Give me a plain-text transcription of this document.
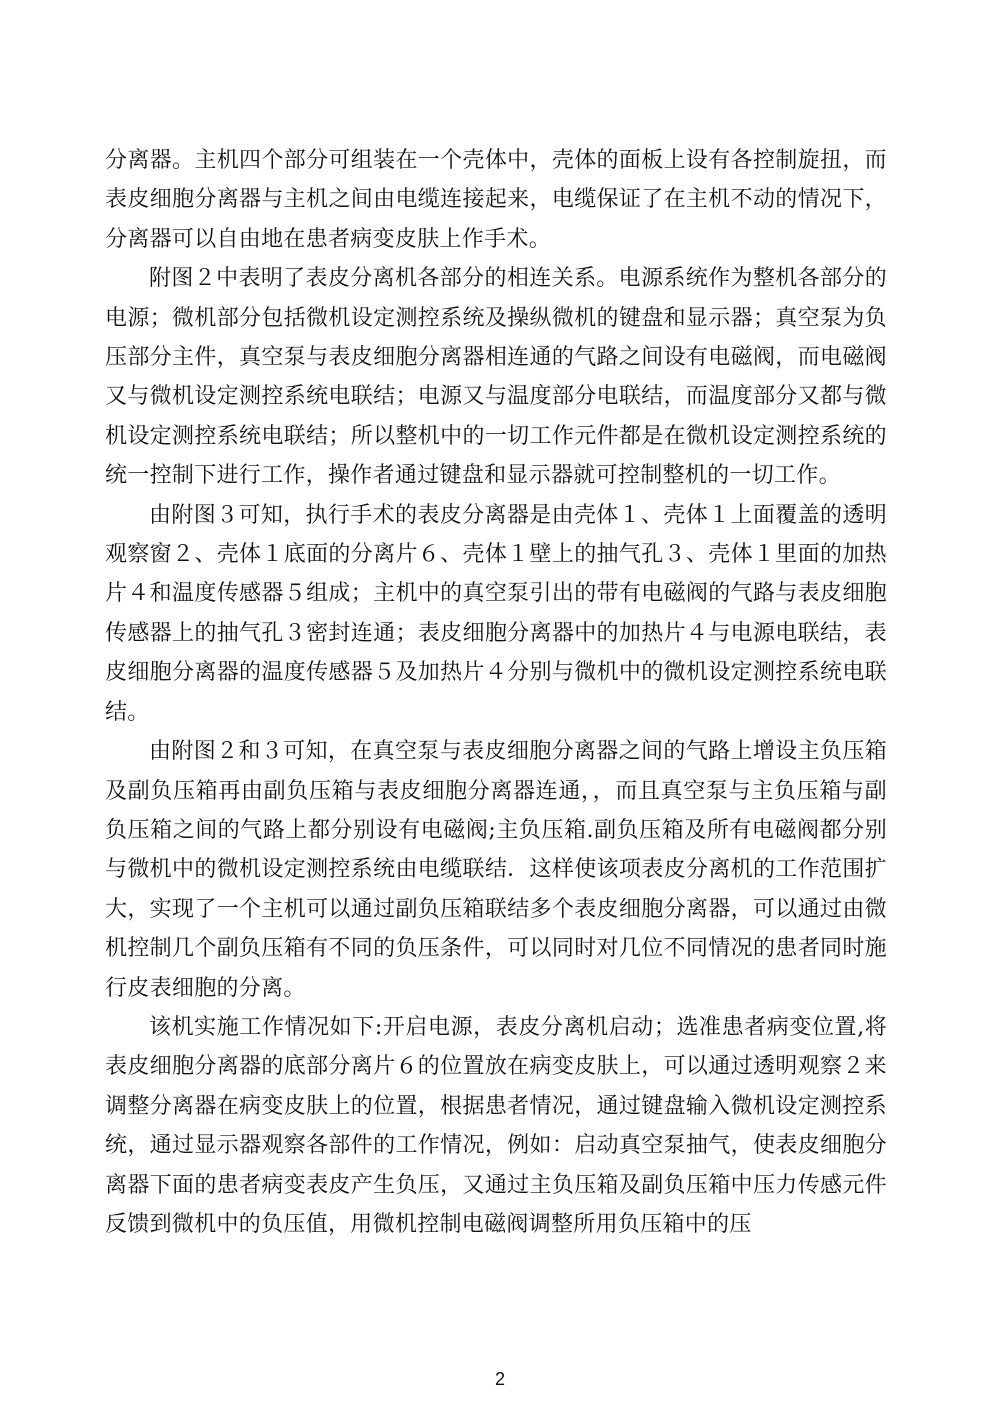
分离器。主机四个部分可组装在一个壳体中，壳体的面板上设有各控制旋扭，而表皮细胞分离器与主机之间由电缆连接起来，电缆保证了在主机不动的情况下，分离器可以自由地在患者病变皮肤上作手术。

附图２中表明了表皮分离机各部分的相连关系。电源系统作为整机各部分的电源；微机部分包括微机设定测控系统及操纵微机的键盘和显示器；真空泵为负压部分主件，真空泵与表皮细胞分离器相连通的气路之间设有电磁阀，而电磁阀又与微机设定测控系统电联结；电源又与温度部分电联结，而温度部分又都与微机设定测控系统电联结；所以整机中的一切工作元件都是在微机设定测控系统的统一控制下进行工作，操作者通过键盘和显示器就可控制整机的一切工作。

由附图３可知，执行手术的表皮分离器是由壳体１、壳体１上面覆盖的透明观察窗２、壳体１底面的分离片６、壳体１壁上的抽气孔３、壳体１里面的加热片４和温度传感器５组成；主机中的真空泵引出的带有电磁阀的气路与表皮细胞传感器上的抽气孔３密封连通；表皮细胞分离器中的加热片４与电源电联结，表皮细胞分离器的温度传感器５及加热片４分别与微机中的微机设定测控系统电联结。

由附图２和３可知，在真空泵与表皮细胞分离器之间的气路上增设主负压箱及副负压箱再由副负压箱与表皮细胞分离器连通，，而且真空泵与主负压箱与副负压箱之间的气路上都分别设有电磁阀;主负压箱.副负压箱及所有电磁阀都分别与微机中的微机设定测控系统由电缆联结．这样使该项表皮分离机的工作范围扩大，实现了一个主机可以通过副负压箱联结多个表皮细胞分离器，可以通过由微机控制几个副负压箱有不同的负压条件，可以同时对几位不同情况的患者同时施行皮表细胞的分离。

该机实施工作情况如下:开启电源，表皮分离机启动；选准患者病变位置,将表皮细胞分离器的底部分离片６的位置放在病变皮肤上，可以通过透明观察２来调整分离器在病变皮肤上的位置，根据患者情况，通过键盘输入微机设定测控系统，通过显示器观察各部件的工作情况，例如：启动真空泵抽气，使表皮细胞分离器下面的患者病变表皮产生负压，又通过主负压箱及副负压箱中压力传感元件反馈到微机中的负压值，用微机控制电磁阀调整所用负压箱中的压

2
